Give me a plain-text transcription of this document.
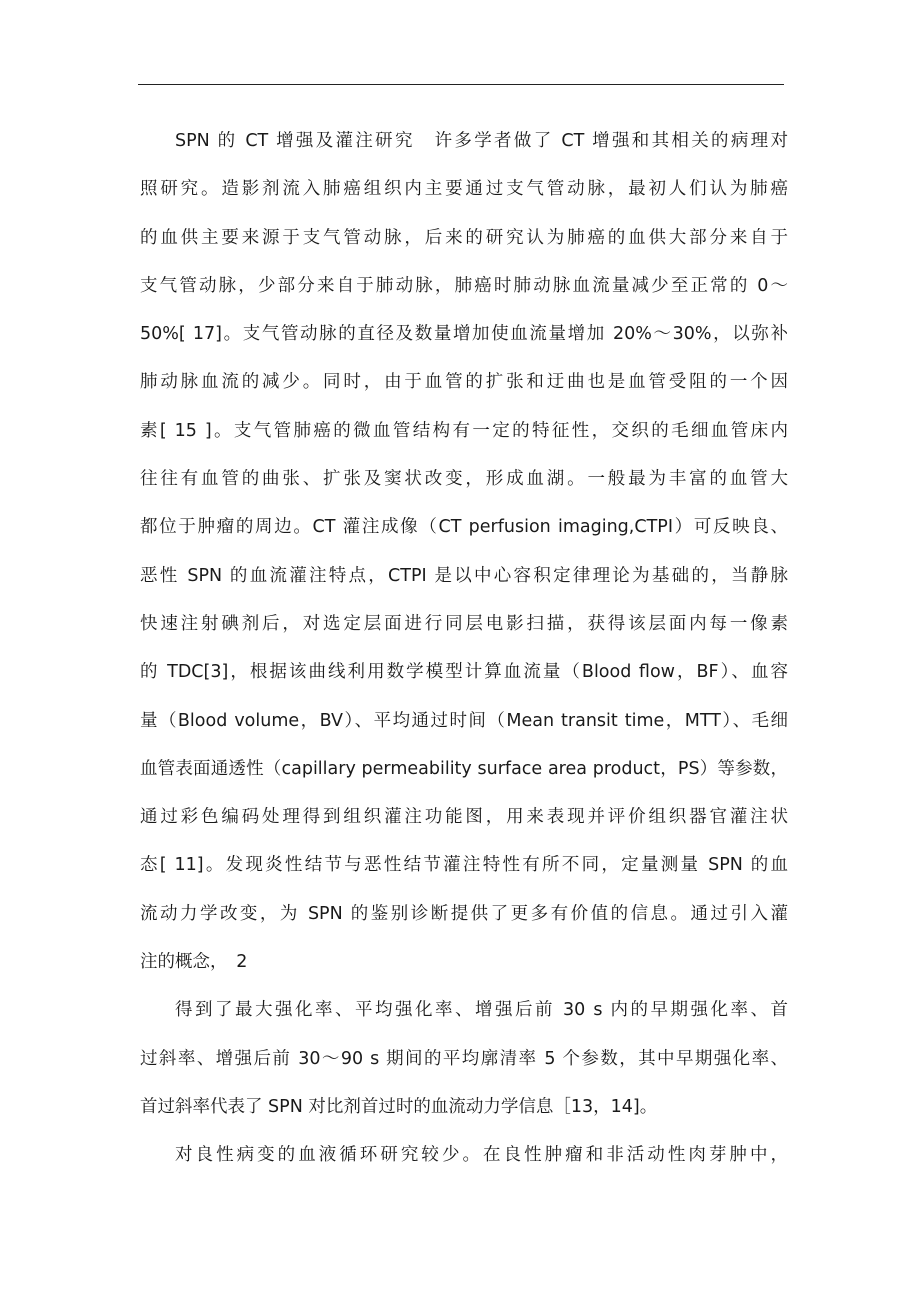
SPN 的 CT 增强及灌注研究　许多学者做了 CT 增强和其相关的病理对
照研究。造影剂流入肺癌组织内主要通过支气管动脉，最初人们认为肺癌
的血供主要来源于支气管动脉，后来的研究认为肺癌的血供大部分来自于
支气管动脉，少部分来自于肺动脉，肺癌时肺动脉血流量减少至正常的 0～
50%[ 17]。支气管动脉的直径及数量增加使血流量增加 20%～30%，以弥补
肺动脉血流的减少。同时，由于血管的扩张和迂曲也是血管受阻的一个因
素[ 15 ]。支气管肺癌的微血管结构有一定的特征性，交织的毛细血管床内
往往有血管的曲张、扩张及窦状改变，形成血湖。一般最为丰富的血管大
都位于肿瘤的周边。CT 灌注成像（CT perfusion imaging,CTPI）可反映良、
恶性 SPN 的血流灌注特点，CTPI 是以中心容积定律理论为基础的，当静脉
快速注射碘剂后，对选定层面进行同层电影扫描，获得该层面内每一像素
的 TDC[3]，根据该曲线利用数学模型计算血流量（Blood flow，BF）、血容
量（Blood volume，BV）、平均通过时间（Mean transit time，MTT）、毛细
血管表面通透性（capillary permeability surface area product，PS）等参数，
通过彩色编码处理得到组织灌注功能图，用来表现并评价组织器官灌注状
态[ 11]。发现炎性结节与恶性结节灌注特性有所不同，定量测量 SPN 的血
流动力学改变，为 SPN 的鉴别诊断提供了更多有价值的信息。通过引入灌
注的概念，　2
得到了最大强化率、平均强化率、增强后前 30 s 内的早期强化率、首
过斜率、增强后前 30～90 s 期间的平均廓清率 5 个参数，其中早期强化率、
首过斜率代表了 SPN 对比剂首过时的血流动力学信息［13，14]。
对良性病变的血液循环研究较少。在良性肿瘤和非活动性肉芽肿中，
